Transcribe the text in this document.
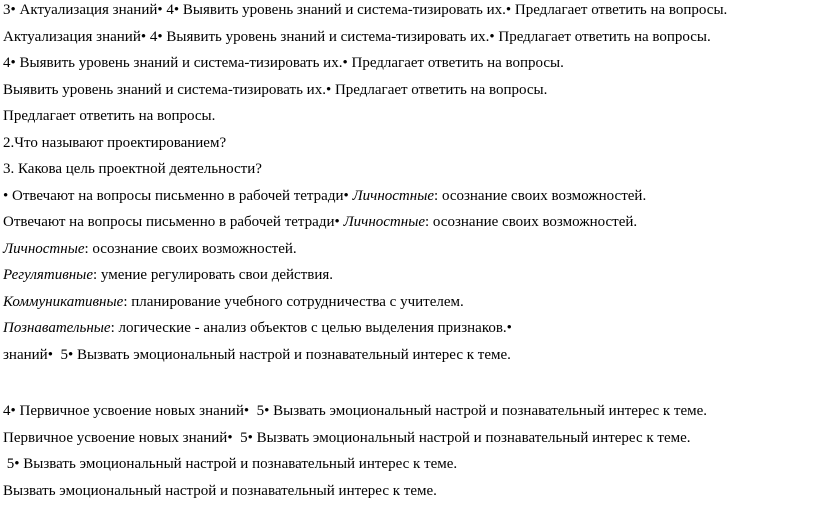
3• Актуализация знаний• 4• Выявить уровень знаний и система-тизировать их.• Предлагает ответить на вопросы.
Актуализация знаний• 4• Выявить уровень знаний и система-тизировать их.• Предлагает ответить на вопросы.
4• Выявить уровень знаний и система-тизировать их.• Предлагает ответить на вопросы.
Выявить уровень знаний и система-тизировать их.• Предлагает ответить на вопросы.
Предлагает ответить на вопросы.
2.Что называют проектированием?
3. Какова цель проектной деятельности?
• Отвечают на вопросы письменно в рабочей тетради• Личностные: осознание своих возможностей.
Отвечают на вопросы письменно в рабочей тетради• Личностные: осознание своих возможностей.
Личностные: осознание своих возможностей.
Регулятивные: умение регулировать свои действия.
Коммуникативные: планирование учебного сотрудничества с учителем.
Познавательные: логические - анализ объектов с целью выделения признаков.•
знаний•  5• Вызвать эмоциональный настрой и познавательный интерес к теме.
4• Первичное усвоение новых знаний•  5• Вызвать эмоциональный настрой и познавательный интерес к теме.
Первичное усвоение новых знаний•  5• Вызвать эмоциональный настрой и познавательный интерес к теме.
5• Вызвать эмоциональный настрой и познавательный интерес к теме.
Вызвать эмоциональный настрой и познавательный интерес к теме.
